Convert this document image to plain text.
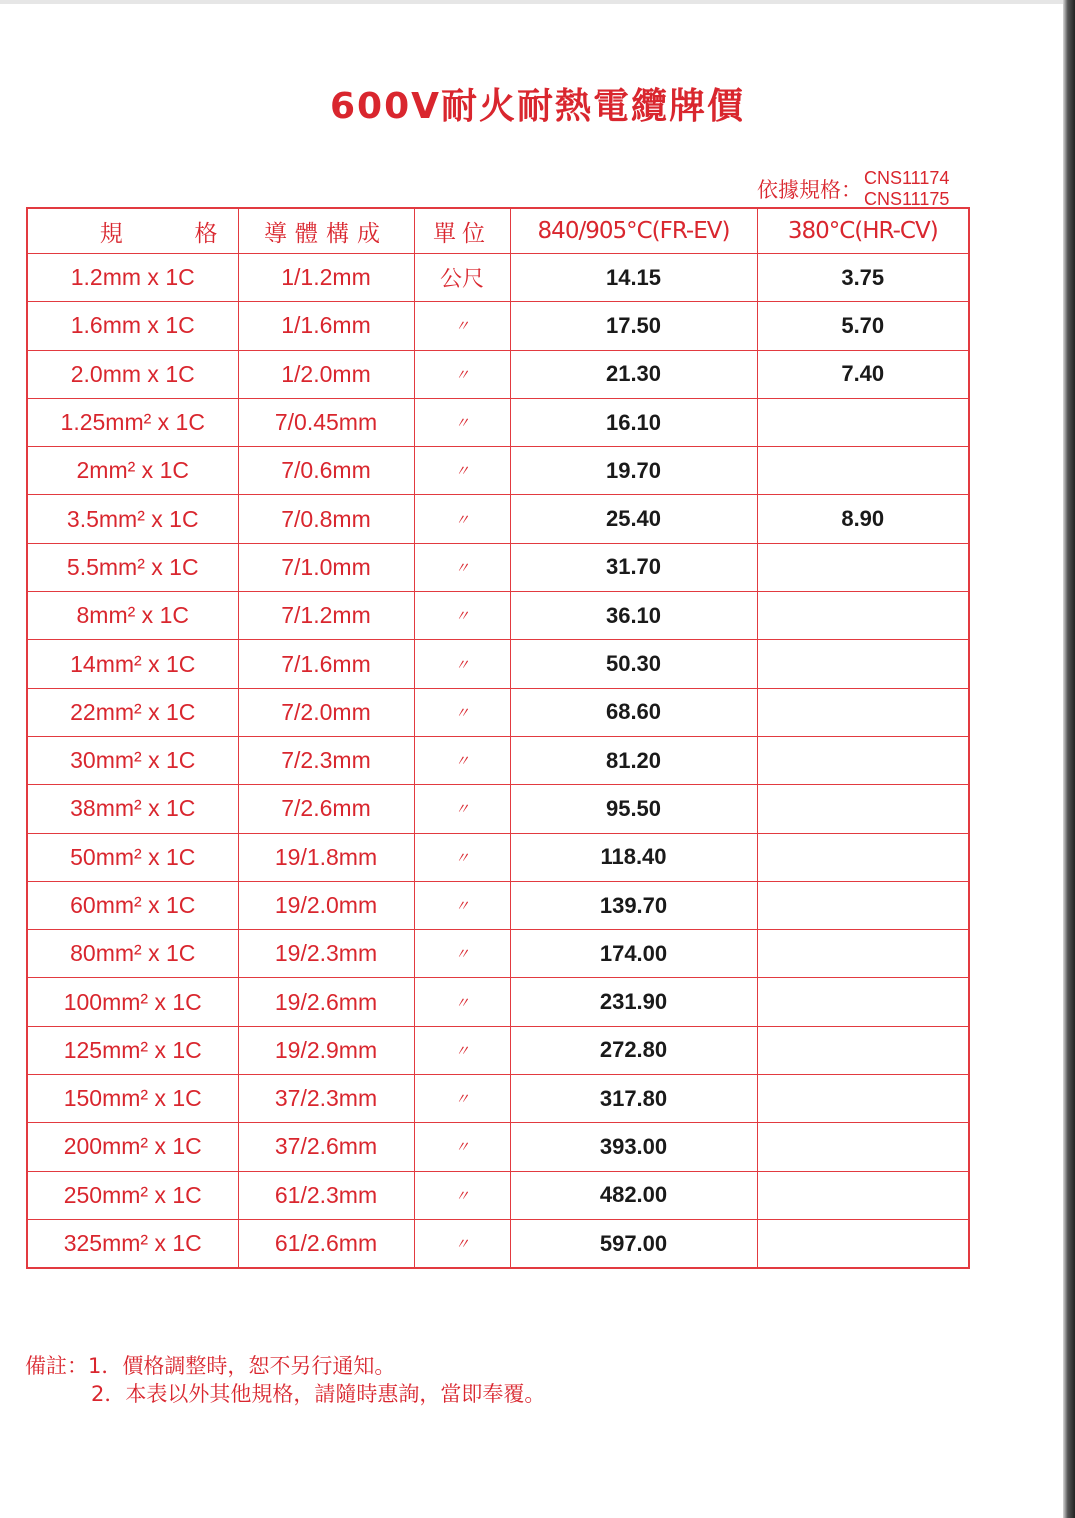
600V耐火耐熱電纜牌價
依據規格： CNS11174
CNS11175
規 格	導體構成	單位	840/905°C(FR-EV)	380°C(HR-CV)
1.2mm x 1C	1/1.2mm	公尺	14.15	3.75
1.6mm x 1C	1/1.6mm	〃	17.50	5.70
2.0mm x 1C	1/2.0mm	〃	21.30	7.40
1.25mm² x 1C	7/0.45mm	〃	16.10	
2mm² x 1C	7/0.6mm	〃	19.70	
3.5mm² x 1C	7/0.8mm	〃	25.40	8.90
5.5mm² x 1C	7/1.0mm	〃	31.70	
8mm² x 1C	7/1.2mm	〃	36.10	
14mm² x 1C	7/1.6mm	〃	50.30	
22mm² x 1C	7/2.0mm	〃	68.60	
30mm² x 1C	7/2.3mm	〃	81.20	
38mm² x 1C	7/2.6mm	〃	95.50	
50mm² x 1C	19/1.8mm	〃	118.40	
60mm² x 1C	19/2.0mm	〃	139.70	
80mm² x 1C	19/2.3mm	〃	174.00	
100mm² x 1C	19/2.6mm	〃	231.90	
125mm² x 1C	19/2.9mm	〃	272.80	
150mm² x 1C	37/2.3mm	〃	317.80	
200mm² x 1C	37/2.6mm	〃	393.00	
250mm² x 1C	61/2.3mm	〃	482.00	
325mm² x 1C	61/2.6mm	〃	597.00	
備註：1．價格調整時，恕不另行通知。
2．本表以外其他規格，請隨時惠詢，當即奉覆。
